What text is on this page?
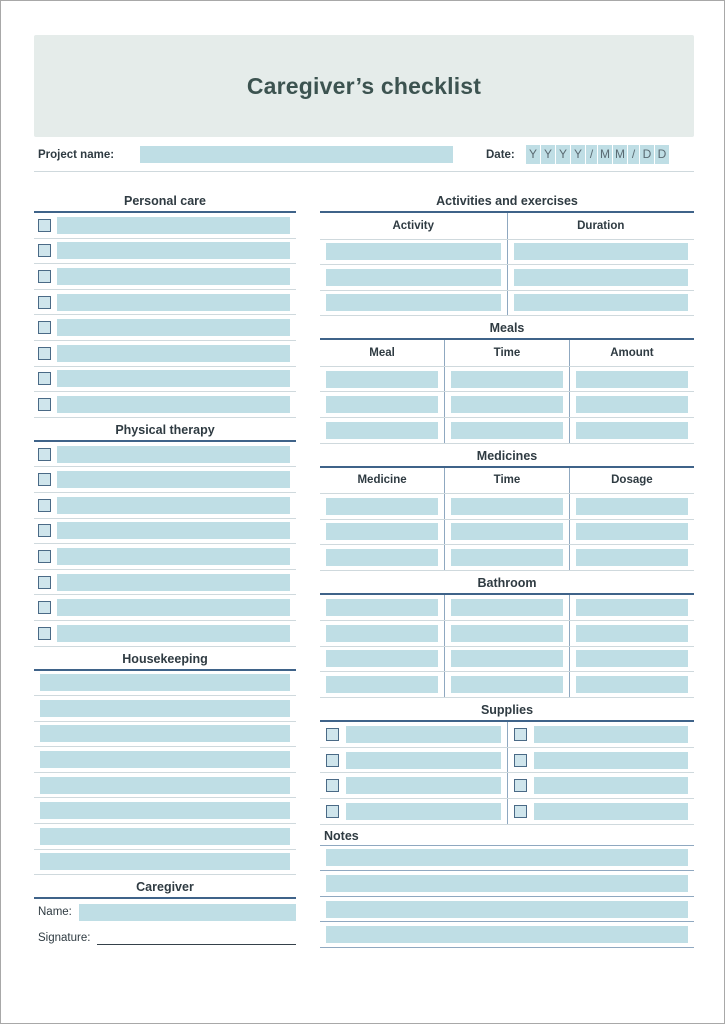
Caregiver’s checklist
Project name:	Date: Y Y Y Y / M M / D D
Personal care
Physical therapy
Housekeeping
Caregiver
Name:
Signature:
Activities and exercises
Activity	Duration

Meals
Meal	Time	Amount

Medicines
Medicine	Time	Dosage

Bathroom

Supplies

Notes
